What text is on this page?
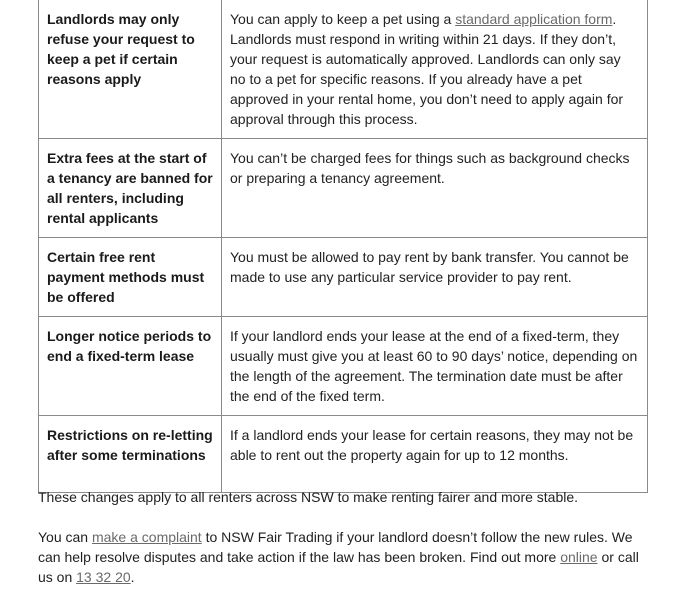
Landlords may only refuse your request to keep a pet if certain reasons apply	You can apply to keep a pet using a standard application form. Landlords must respond in writing within 21 days. If they don’t, your request is automatically approved. Landlords can only say no to a pet for specific reasons. If you already have a pet approved in your rental home, you don’t need to apply again for approval through this process.
Extra fees at the start of a tenancy are banned for all renters, including rental applicants	You can’t be charged fees for things such as background checks or preparing a tenancy agreement.
Certain free rent payment methods must be offered	You must be allowed to pay rent by bank transfer. You cannot be made to use any particular service provider to pay rent.
Longer notice periods to end a fixed-term lease	If your landlord ends your lease at the end of a fixed-term, they usually must give you at least 60 to 90 days’ notice, depending on the length of the agreement. The termination date must be after the end of the fixed term.
Restrictions on re-letting after some terminations	If a landlord ends your lease for certain reasons, they may not be able to rent out the property again for up to 12 months.

These changes apply to all renters across NSW to make renting fairer and more stable.

You can make a complaint to NSW Fair Trading if your landlord doesn’t follow the new rules. We can help resolve disputes and take action if the law has been broken. Find out more online or call us on 13 32 20.
